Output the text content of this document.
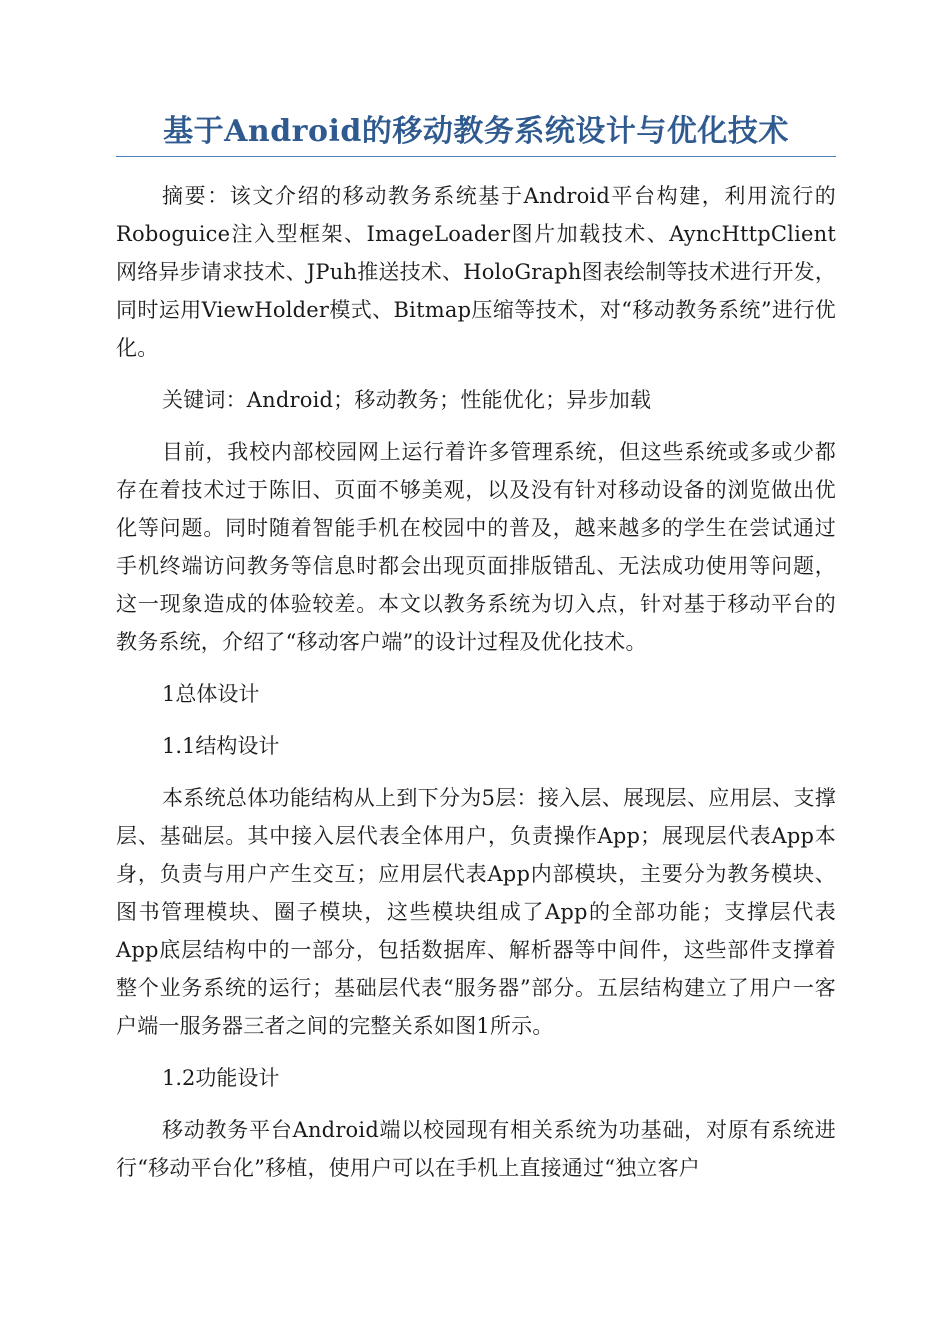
基于Android的移动教务系统设计与优化技术

摘要：该文介绍的移动教务系统基于Android平台构建，利用流行的Roboguice注入型框架、ImageLoader图片加载技术、AyncHttpClient网络异步请求技术、JPuh推送技术、HoloGraph图表绘制等技术进行开发，同时运用ViewHolder模式、Bitmap压缩等技术，对“移动教务系统”进行优化。

关键词：Android；移动教务；性能优化；异步加载

目前，我校内部校园网上运行着许多管理系统，但这些系统或多或少都存在着技术过于陈旧、页面不够美观，以及没有针对移动设备的浏览做出优化等问题。同时随着智能手机在校园中的普及，越来越多的学生在尝试通过手机终端访问教务等信息时都会出现页面排版错乱、无法成功使用等问题，这一现象造成的体验较差。本文以教务系统为切入点，针对基于移动平台的教务系统，介绍了“移动客户端”的设计过程及优化技术。

1总体设计

1.1结构设计

本系统总体功能结构从上到下分为5层：接入层、展现层、应用层、支撑层、基础层。其中接入层代表全体用户，负责操作App；展现层代表App本身，负责与用户产生交互；应用层代表App内部模块，主要分为教务模块、图书管理模块、圈子模块，这些模块组成了App的全部功能；支撑层代表App底层结构中的一部分，包括数据库、解析器等中间件，这些部件支撑着整个业务系统的运行；基础层代表“服务器”部分。五层结构建立了用户一客户端一服务器三者之间的完整关系如图1所示。

1.2功能设计

移动教务平台Android端以校园现有相关系统为功基础，对原有系统进行“移动平台化”移植，使用户可以在手机上直接通过“独立客户
